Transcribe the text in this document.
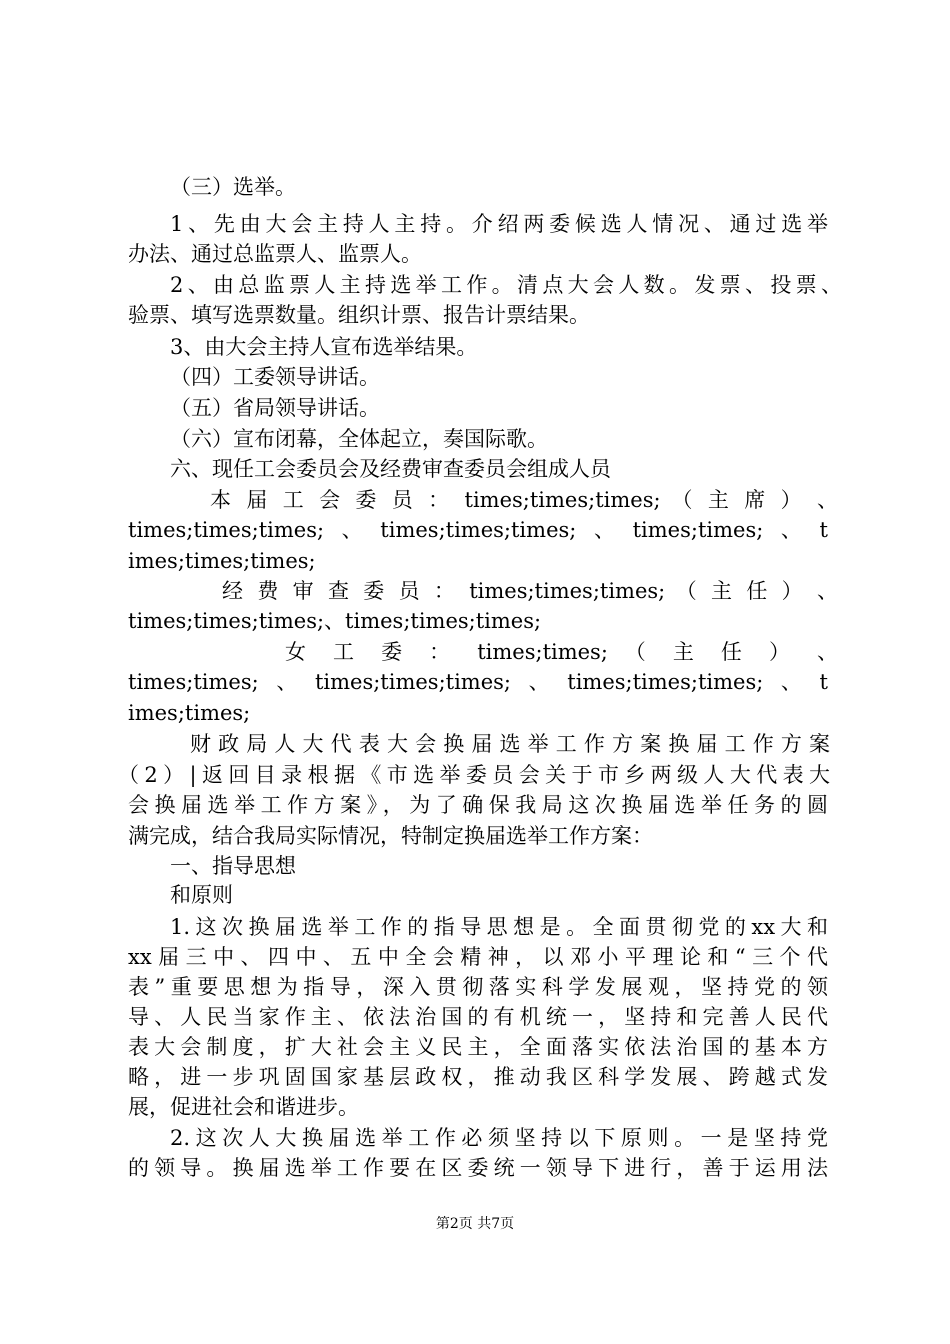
（三）选举。
1、先由大会主持人主持。介绍两委候选人情况、通过选举
办法、通过总监票人、监票人。
2、由总监票人主持选举工作。清点大会人数。发票、投票、
验票、填写选票数量。组织计票、报告计票结果。
3、由大会主持人宣布选举结果。
（四）工委领导讲话。
（五）省局领导讲话。
（六）宣布闭幕，全体起立，奏国际歌。
六、现任工会委员会及经费审查委员会组成人员
本 届 工 会 委 员 ： times;times;times; （ 主 席 ） 、
times;times;times;、times;times;times;、times;times;、t
imes;times;times;
经 费 审 查 委 员 ： times;times;times; （ 主 任 ） 、
times;times;times;、times;times;times;
女 工 委 ： times;times; （ 主 任 ） 、
times;times;、times;times;times;、times;times;times;、t
imes;times;
财政局人大代表大会换届选举工作方案换届工作方案
（2）|返回目录根据《市选举委员会关于市乡两级人大代表大
会换届选举工作方案》，为了确保我局这次换届选举任务的圆
满完成，结合我局实际情况，特制定换届选举工作方案：
一、指导思想
和原则
1.这次换届选举工作的指导思想是。全面贯彻党的xx大和
xx届三中、四中、五中全会精神，以邓小平理论和“三个代
表”重要思想为指导，深入贯彻落实科学发展观，坚持党的领
导、人民当家作主、依法治国的有机统一，坚持和完善人民代
表大会制度，扩大社会主义民主，全面落实依法治国的基本方
略，进一步巩固国家基层政权，推动我区科学发展、跨越式发
展，促进社会和谐进步。
2.这次人大换届选举工作必须坚持以下原则。一是坚持党
的领导。换届选举工作要在区委统一领导下进行，善于运用法
第2页 共7页
